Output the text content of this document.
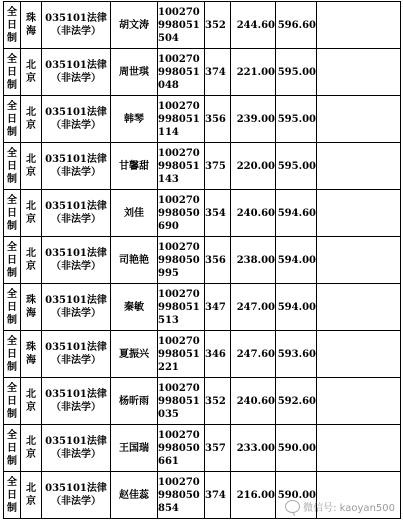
全日制	珠海	035101法律
（非法学）	胡文涛	100270998051504	352	244.60	596.60	

全日制	北京	035101法律
（非法学）	周世琪	100270998051048	374	221.00	595.00	

全日制	北京	035101法律
（非法学）	韩琴	100270998051114	356	239.00	595.00	

全日制	北京	035101法律
（非法学）	甘馨甜	100270998051143	375	220.00	595.00	

全日制	北京	035101法律
（非法学）	刘佳	100270998050690	354	240.60	594.60	

全日制	北京	035101法律
（非法学）	司艳艳	100270998050995	356	238.00	594.00	

全日制	珠海	035101法律
（非法学）	秦敏	100270998051513	347	247.00	594.00	

全日制	珠海	035101法律
（非法学）	夏振兴	100270998051221	346	247.60	593.60	

全日制	北京	035101法律
（非法学）	杨昕雨	100270998051035	352	240.60	592.60	

全日制	北京	035101法律
（非法学）	王国瑞	100270998050661	357	233.00	590.00	

全日制	北京	035101法律
（非法学）	赵佳蕊	100270998050854	374	216.00	590.00	
微信号: kaoyan500
